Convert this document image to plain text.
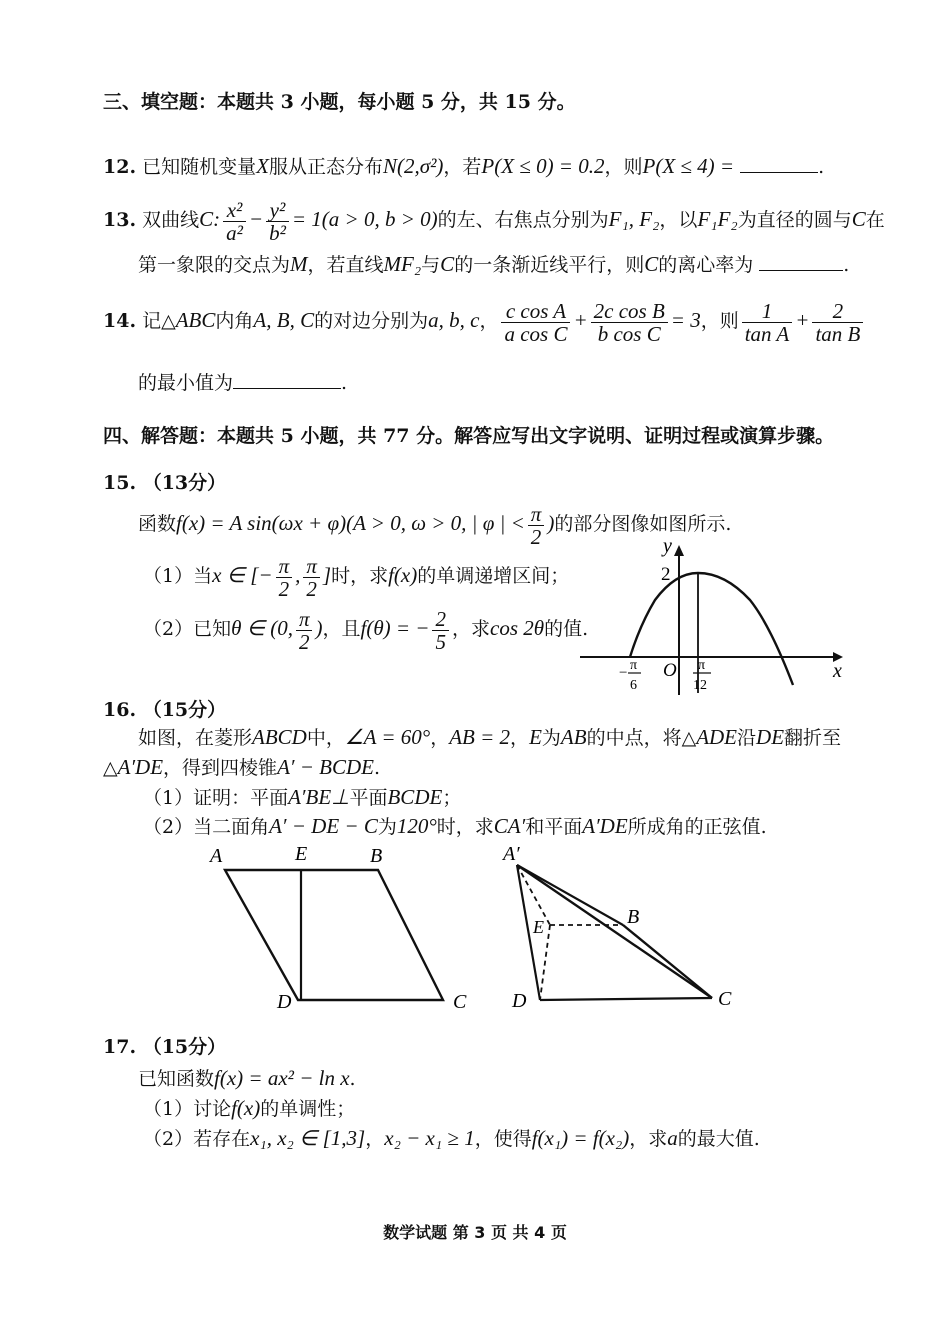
三、填空题：本题共 3 小题，每小题 5 分，共 15 分。
12. 已知随机变量X服从正态分布N(2,σ²)，若P(X ≤ 0) = 0.2，则P(X ≤ 4) =	.
13. 双曲线C: $\frac{\text{x²}}{\text{a²}} - \frac{\text{y²}}{\text{b²}} = 1(a > 0$, b > 0)的左、右焦点分别为F₁, F₂，以F₁F₂为直径的圆与C在
第一象限的交点为M，若直线MF₂与C的一条渐近线平行，则C的离心率为	.
14. 记△ABC内角A, B, C的对边分别为a, b, c， $\frac{\text{c cos A}}{\text{a cos C}} + \frac{\text{2c cos B}}{\text{b cos C}} = 3$，则 $\frac{1}{\text{tan A}} + \frac{2}{\text{tan B}}$
的最小值为	.
四、解答题：本题共 5 小题，共 77 分。解答应写出文字说明、证明过程或演算步骤。
15. （13分）
函数f(x) = A sin(ωx + φ)(A > 0, ω > 0, | φ | < $\frac{\pi}{2}$ )的部分图像如图所示.
（1）当x ∈ [− $\frac{\pi}{2}$ , $\frac{\pi}{2}$ ]时，求f(x)的单调递增区间；
（2）已知θ ∈ (0, $\frac{\pi}{2}$ )，且f(θ) = − $\frac{2}{5}$ ，求cos 2θ的值.
y
x
O
2
− π
6
π
12
16. （15分）
如图，在菱形ABCD中，∠A = 60°，AB = 2，E为AB的中点，将△ADE沿DE翻折至
△A′DE，得到四棱锥A′ − BCDE.
（1）证明：平面A′BE⊥平面BCDE；
（2）当二面角A′ − DE − C为120°时，求CA′和平面A′DE所成角的正弦值.
A	E	B
D	C
A′
E	B
D	C
17. （15分）
已知函数f(x) = ax² − ln x.
（1）讨论f(x)的单调性；
（2）若存在x₁, x₂ ∈ [1,3]，x₂ − x₁ ≥ 1，使得f(x₁) = f(x₂)，求a的最大值.
数学试题 第 3 页 共 4 页
